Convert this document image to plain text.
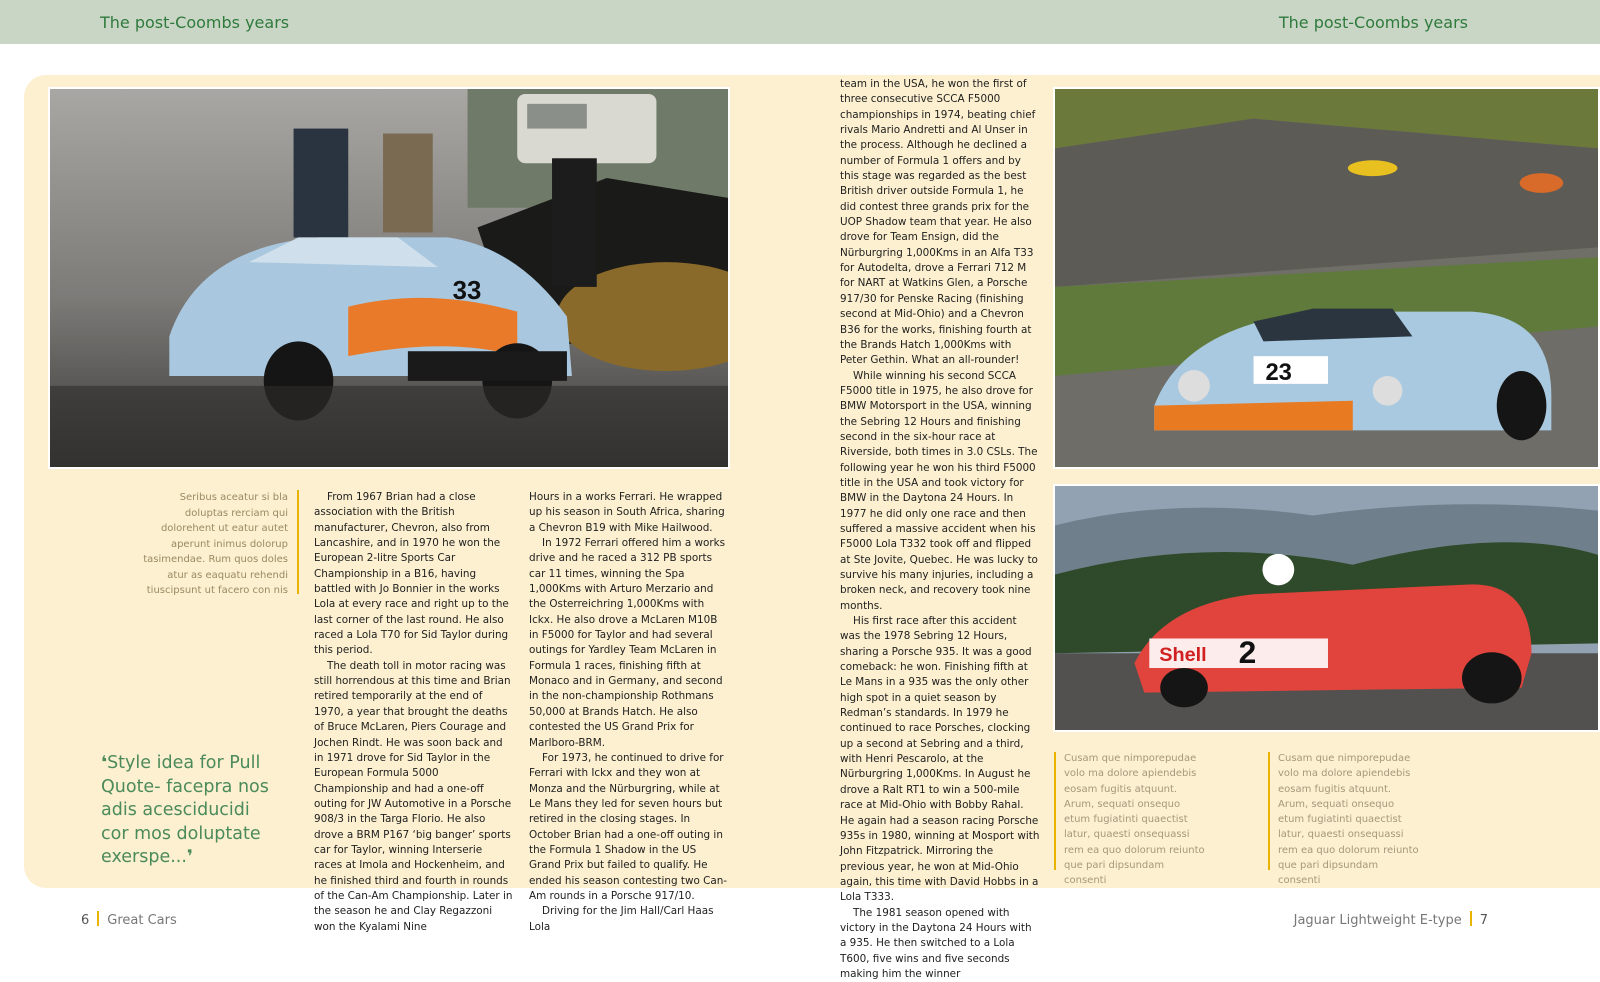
The post-Coombs years	The post-Coombs years
33
23
Shell 2
Seribus aceatur si bla doluptas rerciam qui dolorehent ut eatur autet aperunt inimus dolorup tasimendae. Rum quos doles atur as eaquatu rehendi tiuscipsunt ut facero con nis
❛Style idea for Pull Quote- facepra nos adis acesciducidi cor mos doluptate exerspe...❜

From 1967 Brian had a close association with the British manufacturer, Chevron, also from Lancashire, and in 1970 he won the European 2-litre Sports Car Championship in a B16, having battled with Jo Bonnier in the works Lola at every race and right up to the last corner of the last round. He also raced a Lola T70 for Sid Taylor during this period.

The death toll in motor racing was still horrendous at this time and Brian retired temporarily at the end of 1970, a year that brought the deaths of Bruce McLaren, Piers Courage and Jochen Rindt. He was soon back and in 1971 drove for Sid Taylor in the European Formula 5000 Championship and had a one-off outing for JW Automotive in a Porsche 908/3 in the Targa Florio. He also drove a BRM P167 ‘big banger’ sports car for Taylor, winning Interserie races at Imola and Hockenheim, and he finished third and fourth in rounds of the Can-Am Championship. Later in the season he and Clay Regazzoni won the Kyalami Nine

Hours in a works Ferrari. He wrapped up his season in South Africa, sharing a Chevron B19 with Mike Hailwood.

In 1972 Ferrari offered him a works drive and he raced a 312 PB sports car 11 times, winning the Spa 1,000Kms with Arturo Merzario and the Osterreichring 1,000Kms with Ickx. He also drove a McLaren M10B in F5000 for Taylor and had several outings for Yardley Team McLaren in Formula 1 races, finishing fifth at Monaco and in Germany, and second in the non-championship Rothmans 50,000 at Brands Hatch. He also contested the US Grand Prix for Marlboro-BRM.

For 1973, he continued to drive for Ferrari with Ickx and they won at Monza and the Nürburgring, while at Le Mans they led for seven hours but retired in the closing stages. In October Brian had a one-off outing in the Formula 1 Shadow in the US Grand Prix but failed to qualify. He ended his season contesting two Can-Am rounds in a Porsche 917/10.

Driving for the Jim Hall/Carl Haas Lola

team in the USA, he won the first of three consecutive SCCA F5000 championships in 1974, beating chief rivals Mario Andretti and Al Unser in the process. Although he declined a number of Formula 1 offers and by this stage was regarded as the best British driver outside Formula 1, he did contest three grands prix for the UOP Shadow team that year. He also drove for Team Ensign, did the Nürburgring 1,000Kms in an Alfa T33 for Autodelta, drove a Ferrari 712 M for NART at Watkins Glen, a Porsche 917/30 for Penske Racing (finishing second at Mid-Ohio) and a Chevron B36 for the works, finishing fourth at the Brands Hatch 1,000Kms with Peter Gethin. What an all-rounder!

While winning his second SCCA F5000 title in 1975, he also drove for BMW Motorsport in the USA, winning the Sebring 12 Hours and finishing second in the six-hour race at Riverside, both times in 3.0 CSLs. The following year he won his third F5000 title in the USA and took victory for BMW in the Daytona 24 Hours. In 1977 he did only one race and then suffered a massive accident when his F5000 Lola T332 took off and flipped at Ste Jovite, Quebec. He was lucky to survive his many injuries, including a broken neck, and recovery took nine months.

His first race after this accident was the 1978 Sebring 12 Hours, sharing a Porsche 935. It was a good comeback: he won. Finishing fifth at Le Mans in a 935 was the only other high spot in a quiet season by Redman’s standards. In 1979 he continued to race Porsches, clocking up a second at Sebring and a third, with Henri Pescarolo, at the Nürburgring 1,000Kms. In August he drove a Ralt RT1 to win a 500-mile race at Mid-Ohio with Bobby Rahal. He again had a season racing Porsche 935s in 1980, winning at Mosport with John Fitzpatrick. Mirroring the previous year, he won at Mid-Ohio again, this time with David Hobbs in a Lola T333.

The 1981 season opened with victory in the Daytona 24 Hours with a 935. He then switched to a Lola T600, five wins and five seconds making him the winner

Cusam que nimporepudae volo ma dolore apiendebis eosam fugitis atquunt. Arum, sequati onsequo etum fugiatinti quaectist latur, quaesti onsequassi rem ea quo dolorum reiunto que pari dipsundam consenti
Cusam que nimporepudae volo ma dolore apiendebis eosam fugitis atquunt. Arum, sequati onsequo etum fugiatinti quaectist latur, quaesti onsequassi rem ea quo dolorum reiunto que pari dipsundam consenti
6 Great Cars	Jaguar Lightweight E-type 7
